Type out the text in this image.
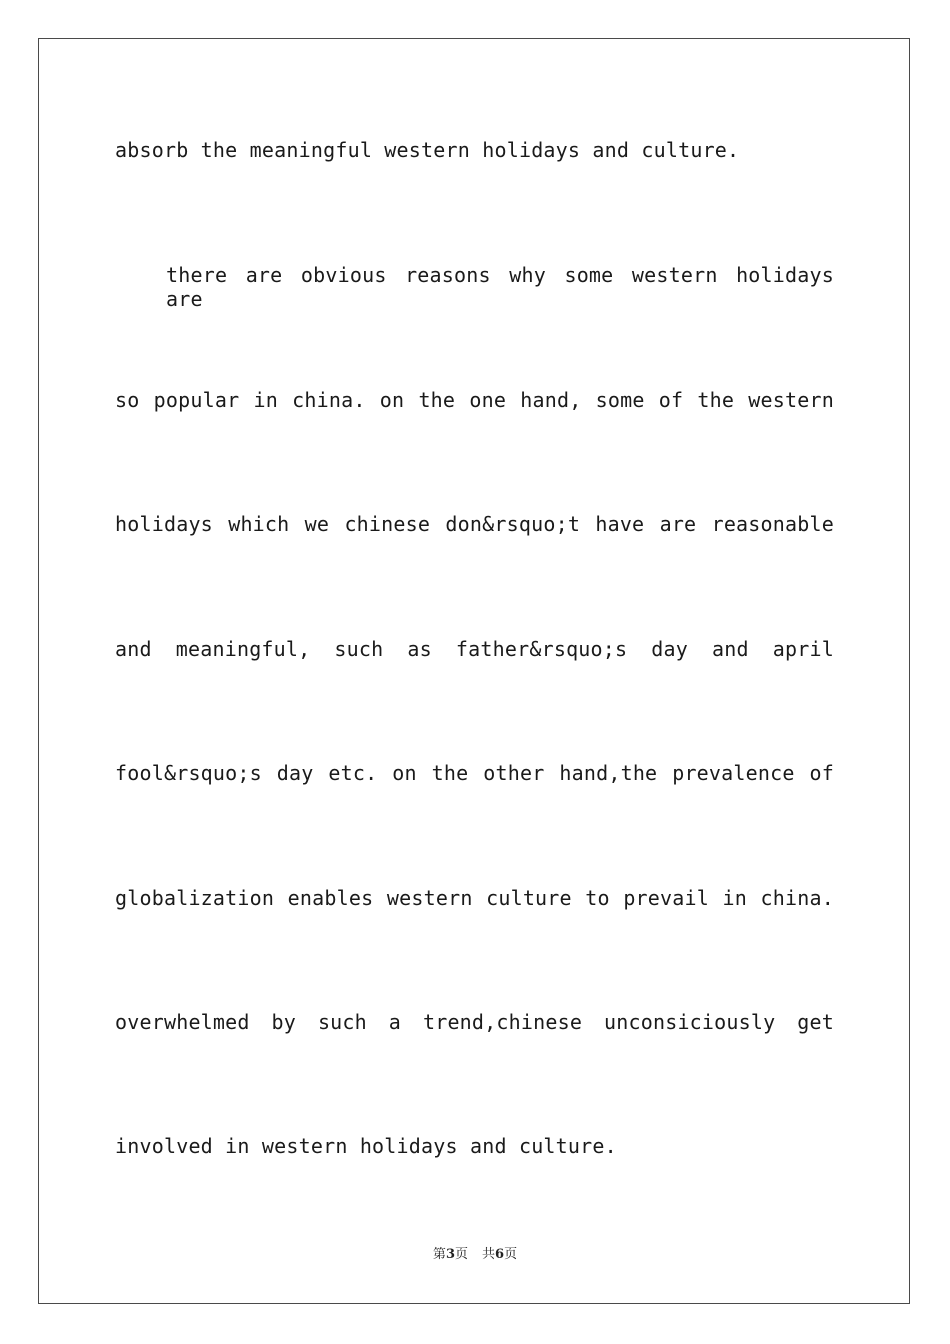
absorb the meaningful western holidays and culture.
there are obvious reasons why some western holidays are
so popular in china. on the one hand, some of the western
holidays which we chinese don&rsquo;t have are reasonable
and meaningful, such as father&rsquo;s day and april
fool&rsquo;s day etc. on the other hand,the prevalence of
globalization enables western culture to prevail in china.
overwhelmed by such a trend,chinese unconsiciously get
involved in western holidays and culture.
第3页 共6页
